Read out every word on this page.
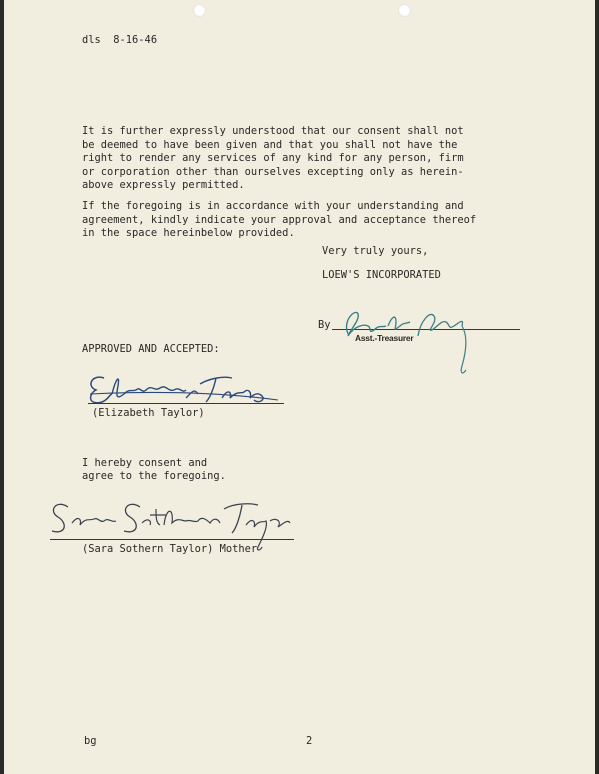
dls  8-16-46

It is further expressly understood that our consent shall not
be deemed to have been given and that you shall not have the
right to render any services of any kind for any person, firm
or corporation other than ourselves excepting only as herein-
above expressly permitted.
If the foregoing is in accordance with your understanding and
agreement, kindly indicate your approval and acceptance thereof
in the space hereinbelow provided.

Very truly yours,

LOEW'S INCORPORATED

By

Asst.-Treasurer

APPROVED AND ACCEPTED:

(Elizabeth Taylor)

I hereby consent and

agree to the foregoing.

(Sara Sothern Taylor) Mother

bg	2
